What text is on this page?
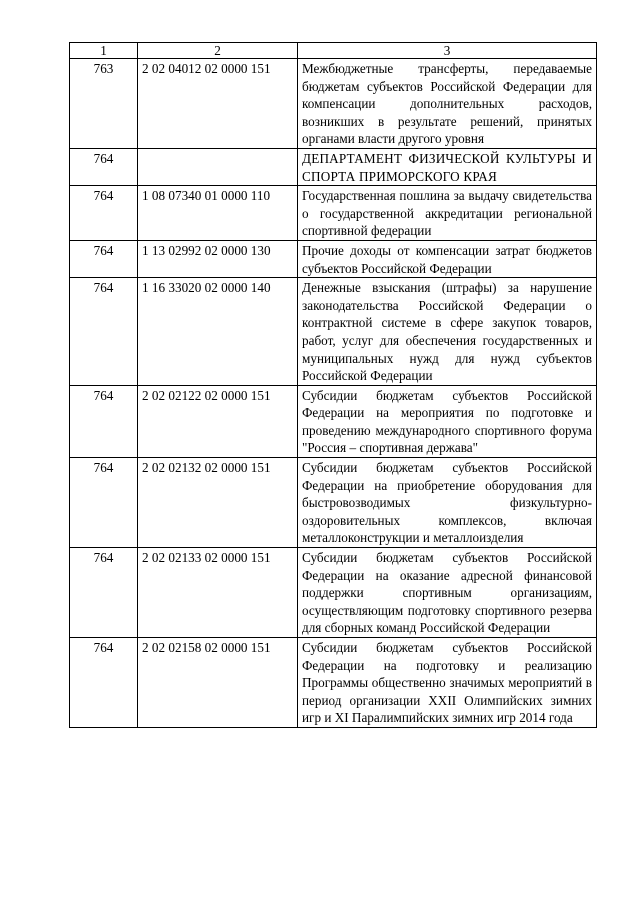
1	2	3
763	2 02 04012 02 0000 151	Межбюджетные трансферты, передаваемые бюджетам субъектов Российской Федерации для компенсации дополнительных расходов, возникших в результате решений, принятых органами власти другого уровня
764		ДЕПАРТАМЕНТ ФИЗИЧЕСКОЙ КУЛЬТУРЫ И СПОРТА ПРИМОРСКОГО КРАЯ
764	1 08 07340 01 0000 110	Государственная пошлина за выдачу свидетельства о государственной аккредитации региональной спортивной федерации
764	1 13 02992 02 0000 130	Прочие доходы от компенсации затрат бюджетов субъектов Российской Федерации
764	1 16 33020 02 0000 140	Денежные взыскания (штрафы) за нарушение законодательства Российской Федерации о контрактной системе в сфере закупок товаров, работ, услуг для обеспечения государственных и муниципальных нужд для нужд субъектов Российской Федерации
764	2 02 02122 02 0000 151	Субсидии бюджетам субъектов Российской Федерации на мероприятия по подготовке и проведению международного спортивного форума "Россия – спортивная держава"
764	2 02 02132 02 0000 151	Субсидии бюджетам субъектов Российской Федерации на приобретение оборудования для быстровозводимых физкультурно-оздоровительных комплексов, включая металлоконструкции и металлоизделия
764	2 02 02133 02 0000 151	Субсидии бюджетам субъектов Российской Федерации на оказание адресной финансовой поддержки спортивным организациям, осуществляющим подготовку спортивного резерва для сборных команд Российской Федерации
764	2 02 02158 02 0000 151	Субсидии бюджетам субъектов Российской Федерации на подготовку и реализацию Программы общественно значимых мероприятий в период организации XXII Олимпийских зимних игр и XI Паралимпийских зимних игр 2014 года
